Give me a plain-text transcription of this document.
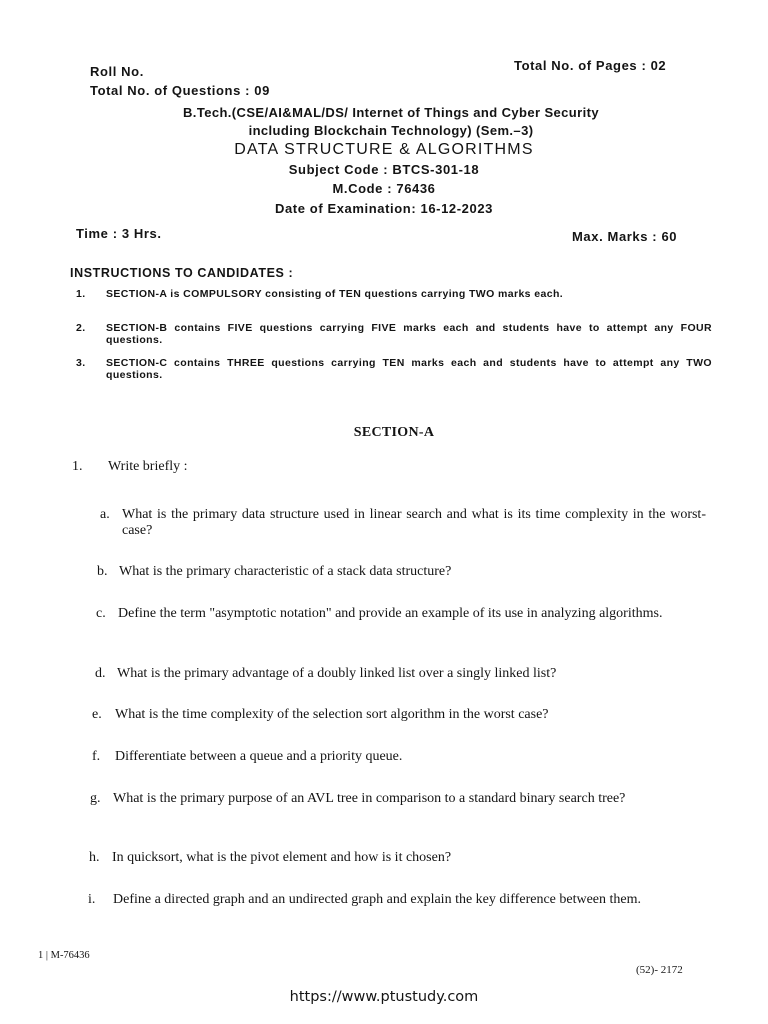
Roll No.	Total No. of Pages : 02
Total No. of Questions : 09
B.Tech.(CSE/AI&MAL/DS/ Internet of Things and Cyber Security
including Blockchain Technology) (Sem.–3)
DATA STRUCTURE & ALGORITHMS
Subject Code : BTCS-301-18
M.Code : 76436
Date of Examination: 16-12-2023
Time : 3 Hrs.	Max. Marks : 60
INSTRUCTIONS TO CANDIDATES :
1. SECTION-A is COMPULSORY consisting of TEN questions carrying TWO marks each.
2. SECTION-B contains FIVE questions carrying FIVE marks each and students have to attempt any FOUR questions.
3. SECTION-C contains THREE questions carrying TEN marks each and students have to attempt any TWO questions.
SECTION-A
1. Write briefly :
a. What is the primary data structure used in linear search and what is its time complexity in the worst-case?
b. What is the primary characteristic of a stack data structure?
c. Define the term "asymptotic notation" and provide an example of its use in analyzing algorithms.
d. What is the primary advantage of a doubly linked list over a singly linked list?
e. What is the time complexity of the selection sort algorithm in the worst case?
f. Differentiate between a queue and a priority queue.
g. What is the primary purpose of an AVL tree in comparison to a standard binary search tree?
h. In quicksort, what is the pivot element and how is it chosen?
i. Define a directed graph and an undirected graph and explain the key difference between them.
1 | M-76436
(52)- 2172
https://www.ptustudy.com
